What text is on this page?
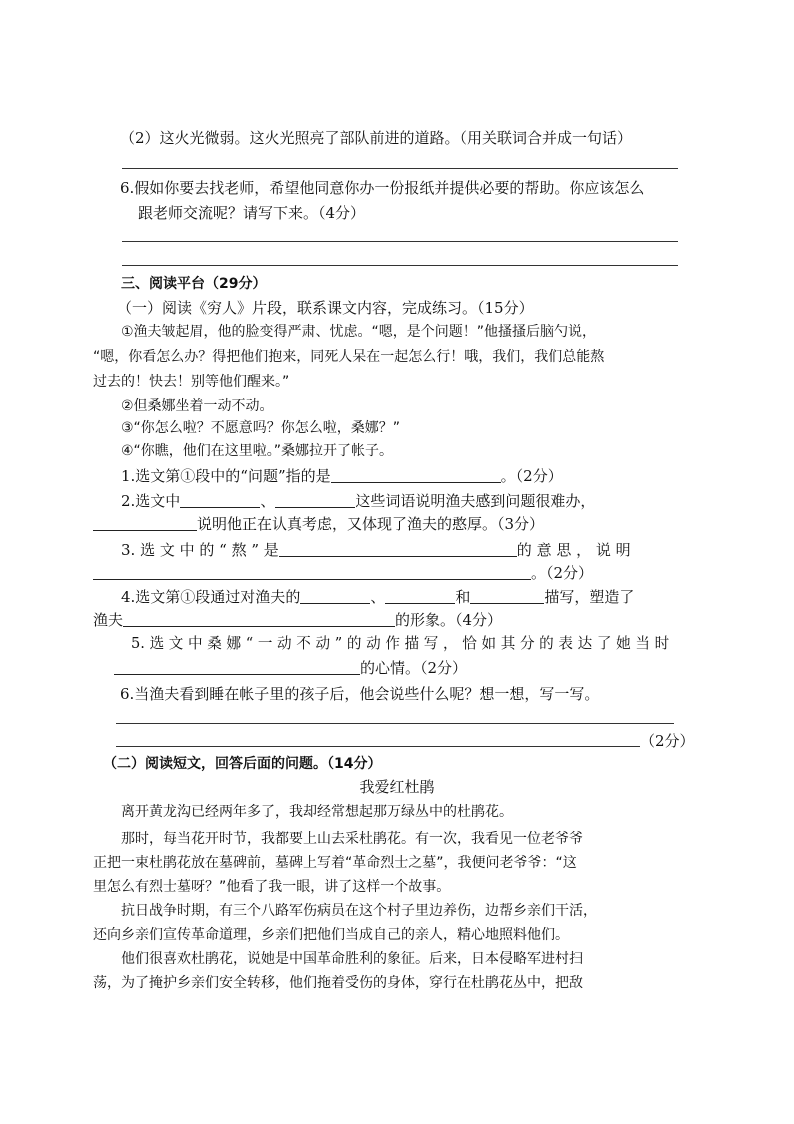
（2）这火光微弱。这火光照亮了部队前进的道路。（用关联词合并成一句话）
6.假如你要去找老师，希望他同意你办一份报纸并提供必要的帮助。你应该怎么
跟老师交流呢？请写下来。（4分）
三、阅读平台（29分）
（一）阅读《穷人》片段，联系课文内容，完成练习。（15分）
①渔夫皱起眉，他的脸变得严肃、忧虑。“嗯，是个问题！”他搔搔后脑勺说，
“嗯，你看怎么办？得把他们抱来，同死人呆在一起怎么行！哦，我们，我们总能熬
过去的！快去！别等他们醒来。”
②但桑娜坐着一动不动。
③“你怎么啦？不愿意吗？你怎么啦，桑娜？”
④“你瞧，他们在这里啦。”桑娜拉开了帐子。
1.选文第①段中的“问题”指的是	。（2分）
2.选文中	、	这些词语说明渔夫感到问题很难办，
说明他正在认真考虑，又体现了渔夫的憨厚。（3分）
3. 选 文 中 的 “ 熬 ” 是	的 意 思 ， 说 明
。（2分）
4.选文第①段通过对渔夫的	、	和	描写，塑造了
渔夫	的形象。（4分）
5. 选 文 中 桑 娜 “ 一 动 不 动 ” 的 动 作 描 写 ， 恰 如 其 分 的 表 达 了 她 当 时
的心情。（2分）
6.当渔夫看到睡在帐子里的孩子后，他会说些什么呢？想一想，写一写。
（2分）
（二）阅读短文，回答后面的问题。（14分）
我爱红杜鹃
离开黄龙沟已经两年多了，我却经常想起那万绿丛中的杜鹃花。
那时，每当花开时节，我都要上山去采杜鹃花。有一次，我看见一位老爷爷
正把一束杜鹃花放在墓碑前，墓碑上写着“革命烈士之墓”，我便问老爷爷：“这
里怎么有烈士墓呀？”他看了我一眼，讲了这样一个故事。
抗日战争时期，有三个八路军伤病员在这个村子里边养伤，边帮乡亲们干活，
还向乡亲们宣传革命道理，乡亲们把他们当成自己的亲人，精心地照料他们。
他们很喜欢杜鹃花，说她是中国革命胜利的象征。后来，日本侵略军进村扫
荡，为了掩护乡亲们安全转移，他们拖着受伤的身体，穿行在杜鹃花丛中，把敌
